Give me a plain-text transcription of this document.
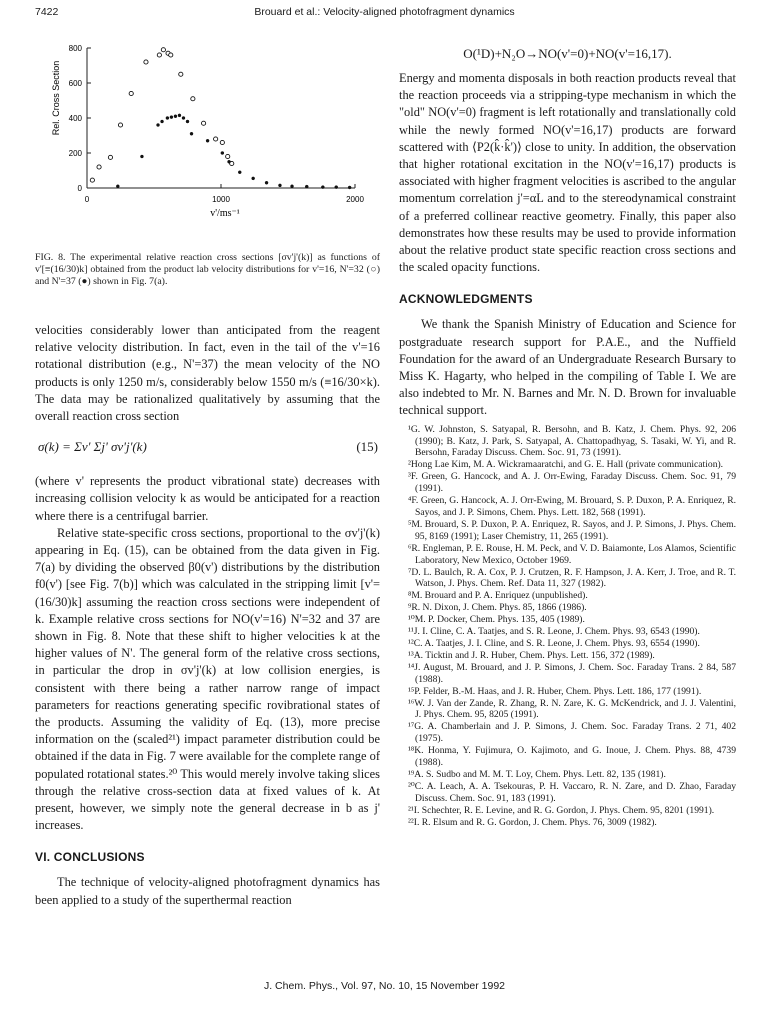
7422	Brouard et al.: Velocity-aligned photofragment dynamics
0	1000	2000
0
200
400
600
800
Rel. Cross Section
v'/ms⁻¹

FIG. 8. The experimental relative reaction cross sections [σv'j'(k)] as functions of v'[≡(16/30)k] obtained from the product lab velocity distributions for v'=16, N'=32 (○) and N'=37 (●) shown in Fig. 7(a).

velocities considerably lower than anticipated from the reagent relative velocity distribution. In fact, even in the tail of the v'=16 rotational distribution (e.g., N'=37) the mean velocity of the NO products is only 1250 m/s, considerably below 1550 m/s (≡16/30×k). The data may be rationalized qualitatively by assuming that the overall reaction cross section

σ(k) = Σv' Σj' σv'j'(k)	(15)

(where v' represents the product vibrational state) decreases with increasing collision velocity k as would be anticipated for a reaction where there is a centrifugal barrier.

Relative state-specific cross sections, proportional to the σv'j'(k) appearing in Eq. (15), can be obtained from the data given in Fig. 7(a) by dividing the observed β0(v') distributions by the distribution f0(v') [see Fig. 7(b)] which was calculated in the stripping limit [v'=(16/30)k] assuming the reaction cross sections were independent of k. Example relative cross sections for NO(v'=16) N'=32 and 37 are shown in Fig. 8. Note that these shift to higher velocities k at the higher values of N'. The general form of the relative cross sections, in particular the drop in σv'j'(k) at low collision energies, is consistent with there being a rather narrow range of impact parameters for reactions generating specific rovibrational states of the products. Assuming the validity of Eq. (13), more precise information on the (scaled²¹) impact parameter distribution could be obtained if the data in Fig. 7 were available for the complete range of populated rotational states.²⁰ This would merely involve taking slices through the relative cross-section data at fixed values of k. At present, however, we simply note the general decrease in b as j' increases.

VI. CONCLUSIONS

The technique of velocity-aligned photofragment dynamics has been applied to a study of the superthermal reaction

O(¹D)+N₂O→NO(v'=0)+NO(v'=16,17).

Energy and momenta disposals in both reaction products reveal that the reaction proceeds via a stripping-type mechanism in which the "old" NO(v'=0) fragment is left rotationally and translationally cold while the newly formed NO(v'=16,17) products are forward scattered with ⟨P2(k̂·k̂')⟩ close to unity. In addition, the observation that higher rotational excitation in the NO(v'=16,17) products is associated with higher fragment velocities is ascribed to the angular momentum correlation j'=αL and to the stereodynamical constraint of a preferred collinear reactive geometry. Finally, this paper also demonstrates how these results may be used to provide information about the relative product state specific reaction cross sections and the scaled opacity functions.

ACKNOWLEDGMENTS

We thank the Spanish Ministry of Education and Science for postgraduate research support for P.A.E., and the Nuffield Foundation for the award of an Undergraduate Research Bursary to Miss K. Hagarty, who helped in the compiling of Table I. We are also indebted to Mr. N. Barnes and Mr. N. D. Brown for invaluable technical support.

¹G. W. Johnston, S. Satyapal, R. Bersohn, and B. Katz, J. Chem. Phys. 92, 206 (1990); B. Katz, J. Park, S. Satyapal, A. Chattopadhyag, S. Tasaki, W. Yi, and R. Bersohn, Faraday Discuss. Chem. Soc. 91, 73 (1991).

²Hong Lae Kim, M. A. Wickramaaratchi, and G. E. Hall (private communication).

³F. Green, G. Hancock, and A. J. Orr-Ewing, Faraday Discuss. Chem. Soc. 91, 79 (1991).

⁴F. Green, G. Hancock, A. J. Orr-Ewing, M. Brouard, S. P. Duxon, P. A. Enriquez, R. Sayos, and J. P. Simons, Chem. Phys. Lett. 182, 568 (1991).

⁵M. Brouard, S. P. Duxon, P. A. Enriquez, R. Sayos, and J. P. Simons, J. Phys. Chem. 95, 8169 (1991); Laser Chemistry, 11, 265 (1991).

⁶R. Engleman, P. E. Rouse, H. M. Peck, and V. D. Baiamonte, Los Alamos, Scientific Laboratory, New Mexico, October 1969.

⁷D. L. Baulch, R. A. Cox, P. J. Crutzen, R. F. Hampson, J. A. Kerr, J. Troe, and R. T. Watson, J. Phys. Chem. Ref. Data 11, 327 (1982).

⁸M. Brouard and P. A. Enriquez (unpublished).

⁹R. N. Dixon, J. Chem. Phys. 85, 1866 (1986).

¹⁰M. P. Docker, Chem. Phys. 135, 405 (1989).

¹¹J. I. Cline, C. A. Taatjes, and S. R. Leone, J. Chem. Phys. 93, 6543 (1990).

¹²C. A. Taatjes, J. I. Cline, and S. R. Leone, J. Chem. Phys. 93, 6554 (1990).

¹³A. Ticktin and J. R. Huber, Chem. Phys. Lett. 156, 372 (1989).

¹⁴J. August, M. Brouard, and J. P. Simons, J. Chem. Soc. Faraday Trans. 2 84, 587 (1988).

¹⁵P. Felder, B.-M. Haas, and J. R. Huber, Chem. Phys. Lett. 186, 177 (1991).

¹⁶W. J. Van der Zande, R. Zhang, R. N. Zare, K. G. McKendrick, and J. J. Valentini, J. Phys. Chem. 95, 8205 (1991).

¹⁷G. A. Chamberlain and J. P. Simons, J. Chem. Soc. Faraday Trans. 2 71, 402 (1975).

¹⁸K. Honma, Y. Fujimura, O. Kajimoto, and G. Inoue, J. Chem. Phys. 88, 4739 (1988).

¹⁹A. S. Sudbo and M. M. T. Loy, Chem. Phys. Lett. 82, 135 (1981).

²⁰C. A. Leach, A. A. Tsekouras, P. H. Vaccaro, R. N. Zare, and D. Zhao, Faraday Discuss. Chem. Soc. 91, 183 (1991).

²¹I. Schechter, R. E. Levine, and R. G. Gordon, J. Phys. Chem. 95, 8201 (1991).

²²I. R. Elsum and R. G. Gordon, J. Chem. Phys. 76, 3009 (1982).

J. Chem. Phys., Vol. 97, No. 10, 15 November 1992
